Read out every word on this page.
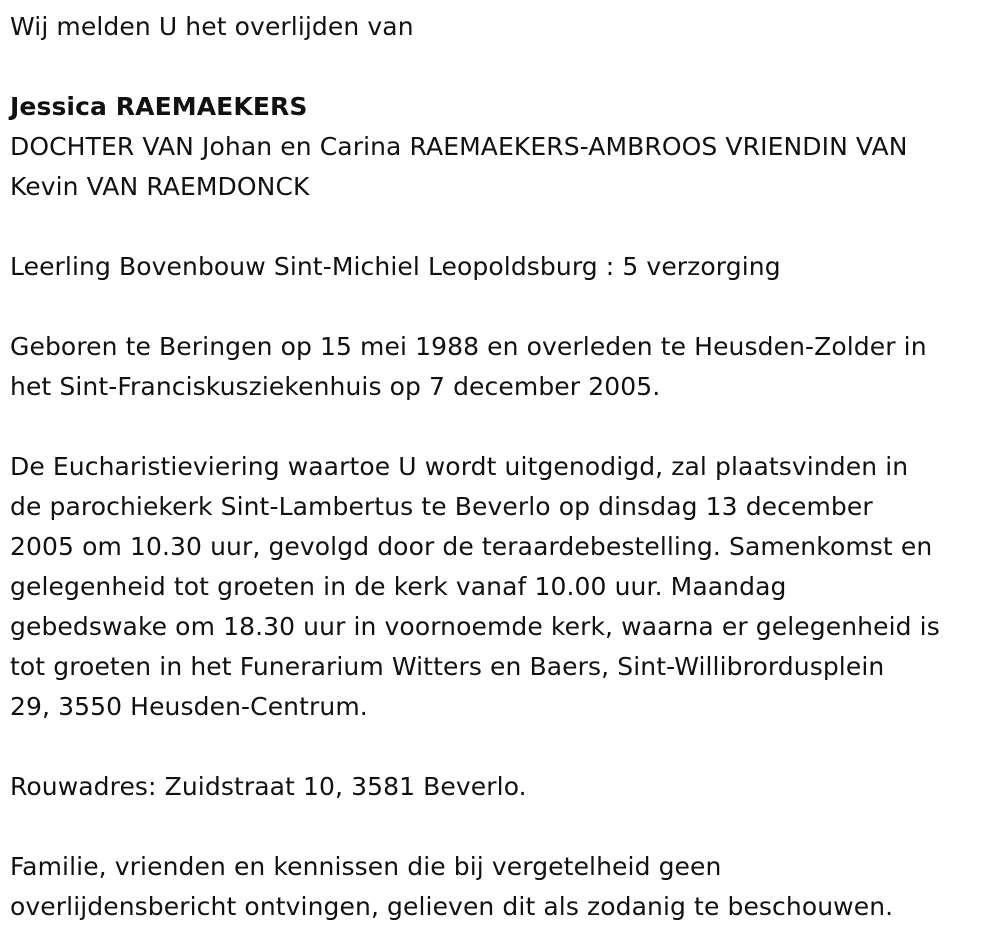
Wij melden U het overlijden van

Jessica RAEMAEKERS

DOCHTER VAN Johan en Carina RAEMAEKERS-AMBROOS VRIENDIN VAN

Kevin VAN RAEMDONCK

Leerling Bovenbouw Sint-Michiel Leopoldsburg : 5 verzorging

Geboren te Beringen op 15 mei 1988 en overleden te Heusden-Zolder in

het Sint-Franciskusziekenhuis op 7 december 2005.

De Eucharistieviering waartoe U wordt uitgenodigd, zal plaatsvinden in

de parochiekerk Sint-Lambertus te Beverlo op dinsdag 13 december

2005 om 10.30 uur, gevolgd door de teraardebestelling. Samenkomst en

gelegenheid tot groeten in de kerk vanaf 10.00 uur. Maandag

gebedswake om 18.30 uur in voornoemde kerk, waarna er gelegenheid is

tot groeten in het Funerarium Witters en Baers, Sint-Willibrordusplein

29, 3550 Heusden-Centrum.

Rouwadres: Zuidstraat 10, 3581 Beverlo.

Familie, vrienden en kennissen die bij vergetelheid geen

overlijdensbericht ontvingen, gelieven dit als zodanig te beschouwen.
